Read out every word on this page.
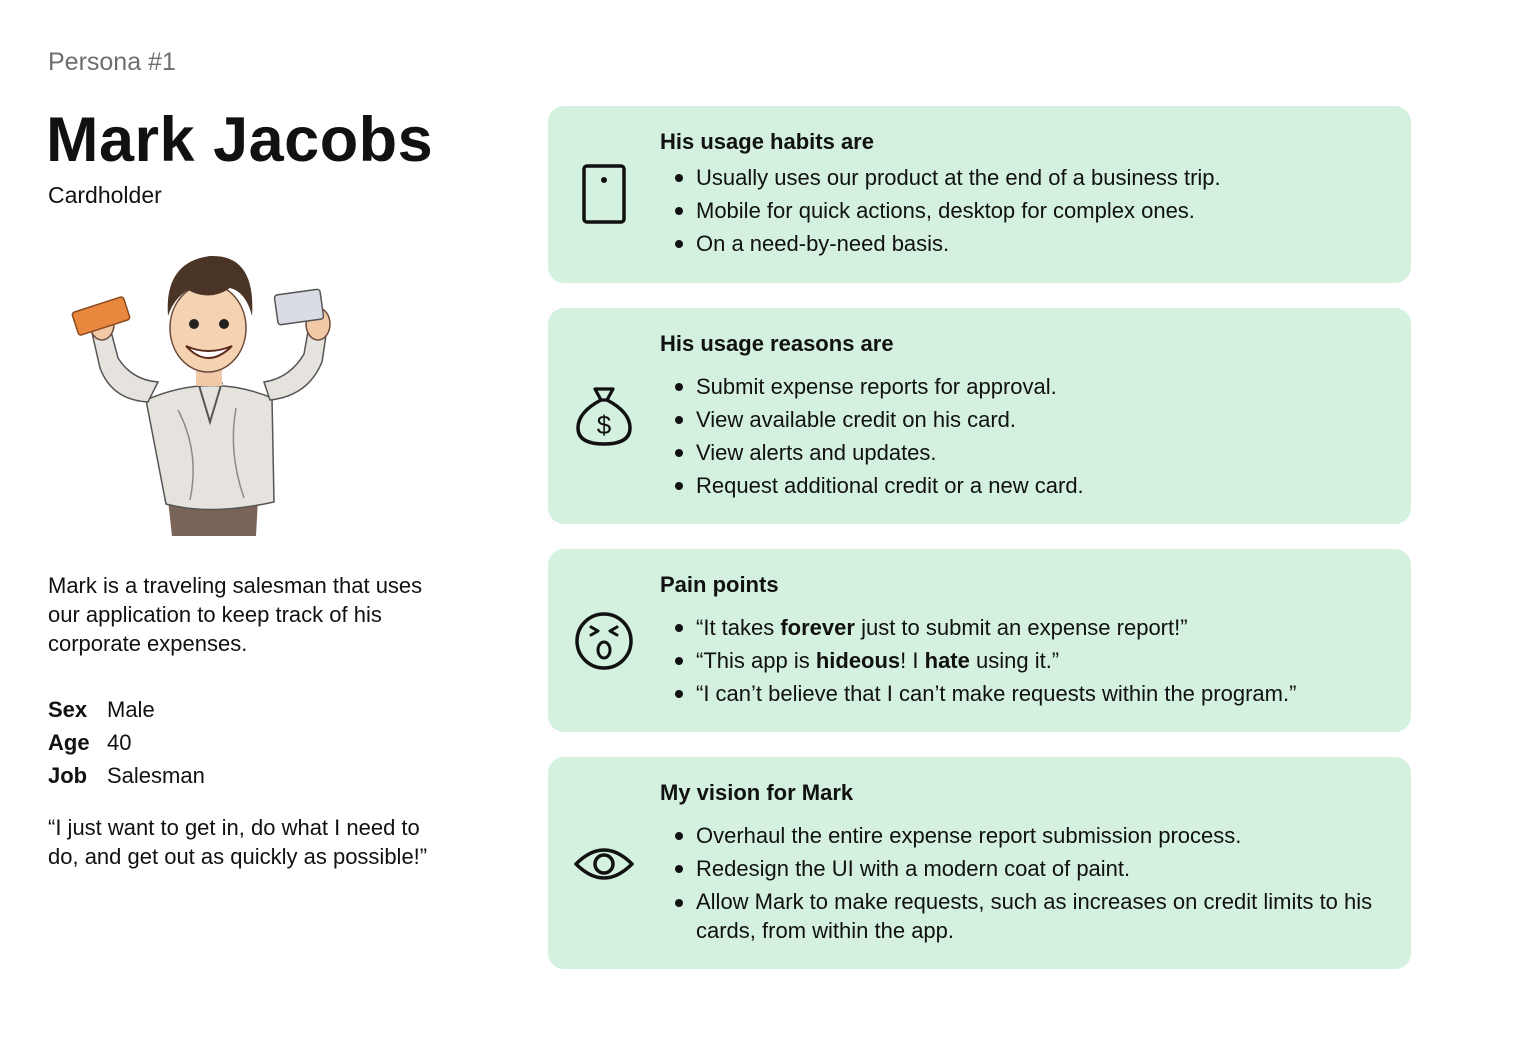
Persona #1
Mark Jacobs
Cardholder
Mark is a traveling salesman that uses our application to keep track of his corporate expenses.
Sex Male
Age 40
Job Salesman
“I just want to get in, do what I need to do, and get out as quickly as possible!”
His usage habits are
Usually uses our product at the end of a business trip.
Mobile for quick actions, desktop for complex ones.
On a need-by-need basis.
$
His usage reasons are
Submit expense reports for approval.
View available credit on his card.
View alerts and updates.
Request additional credit or a new card.
Pain points
“It takes forever just to submit an expense report!”
“This app is hideous! I hate using it.”
“I can’t believe that I can’t make requests within the program.”
My vision for Mark
Overhaul the entire expense report submission process.
Redesign the UI with a modern coat of paint.
Allow Mark to make requests, such as increases on credit limits to his cards, from within the app.
